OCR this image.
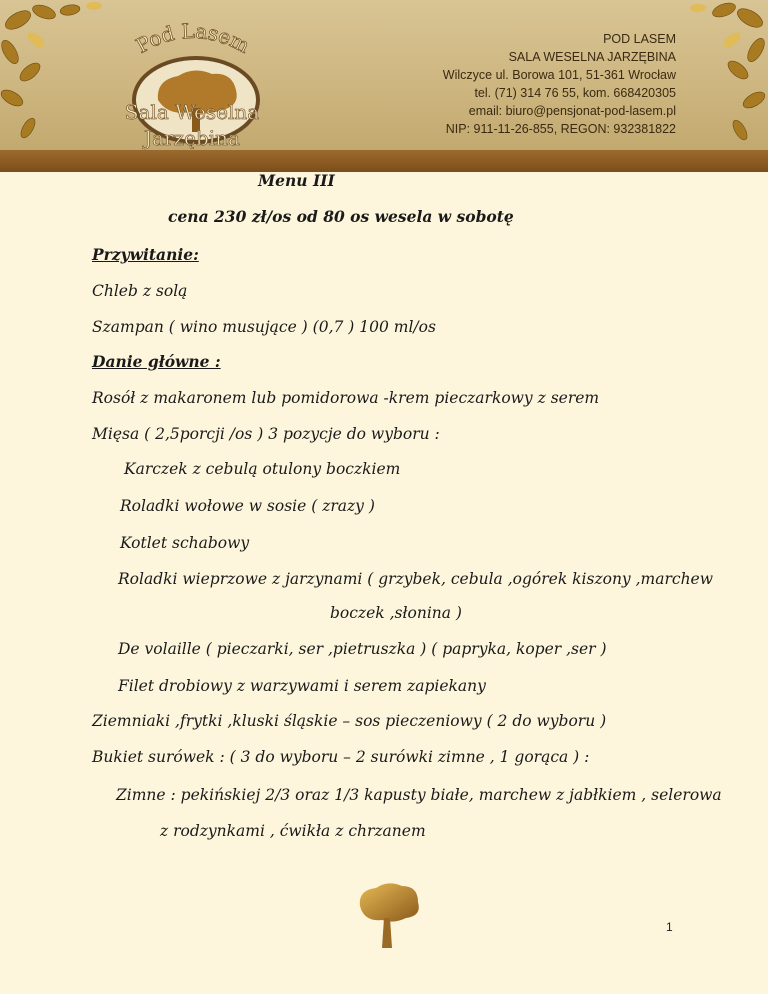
Pod Lasem
Sala Weselna
Jarzębina
POD LASEM
SALA WESELNA JARZĘBINA
Wilczyce ul. Borowa 101, 51-361 Wrocław
tel. (71) 314 76 55, kom. 668420305
email: biuro@pensjonat-pod-lasem.pl
NIP: 911-11-26-855, REGON: 932381822
Menu III
cena 230 zł/os od 80 os wesela w sobotę
Przywitanie:
Chleb z solą
Szampan ( wino musujące ) (0,7 ) 100 ml/os
Danie główne :
Rosół z makaronem lub pomidorowa -krem pieczarkowy z serem
Mięsa ( 2,5porcji /os ) 3 pozycje do wyboru :
Karczek z cebulą otulony boczkiem
Roladki wołowe w sosie ( zrazy )
Kotlet schabowy
Roladki wieprzowe z jarzynami ( grzybek, cebula ,ogórek kiszony ,marchew
boczek ,słonina )
De volaille ( pieczarki, ser ,pietruszka ) ( papryka, koper ,ser )
Filet drobiowy z warzywami i serem zapiekany
Ziemniaki ,frytki ,kluski śląskie – sos pieczeniowy ( 2 do wyboru )
Bukiet surówek : ( 3 do wyboru – 2 surówki zimne , 1 gorąca ) :
Zimne : pekińskiej 2/3 oraz 1/3 kapusty białe, marchew z jabłkiem , selerowa
z rodzynkami , ćwikła z chrzanem
1
